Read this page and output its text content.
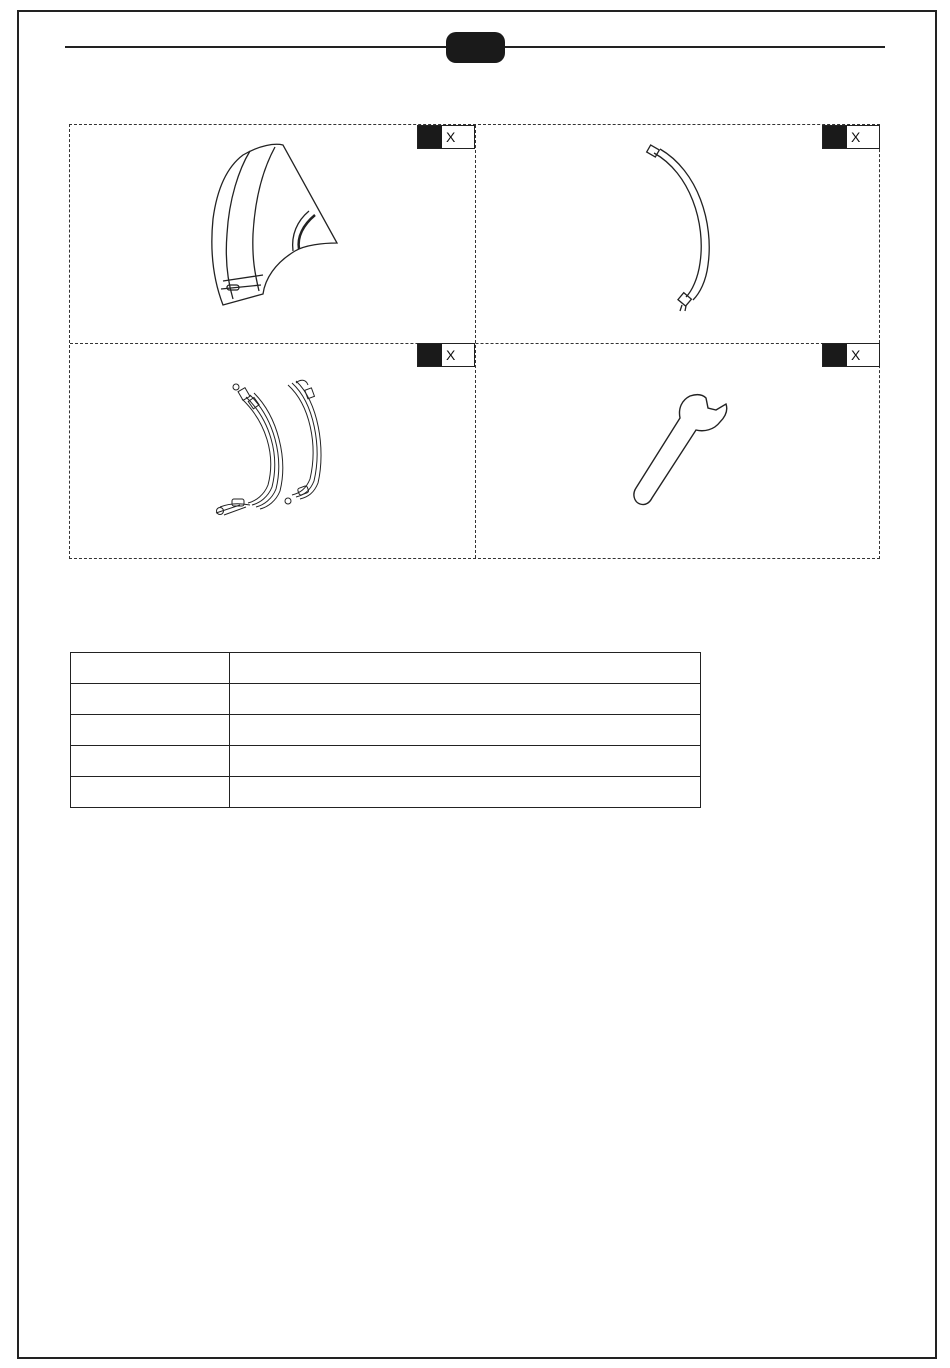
X	X
X	X
